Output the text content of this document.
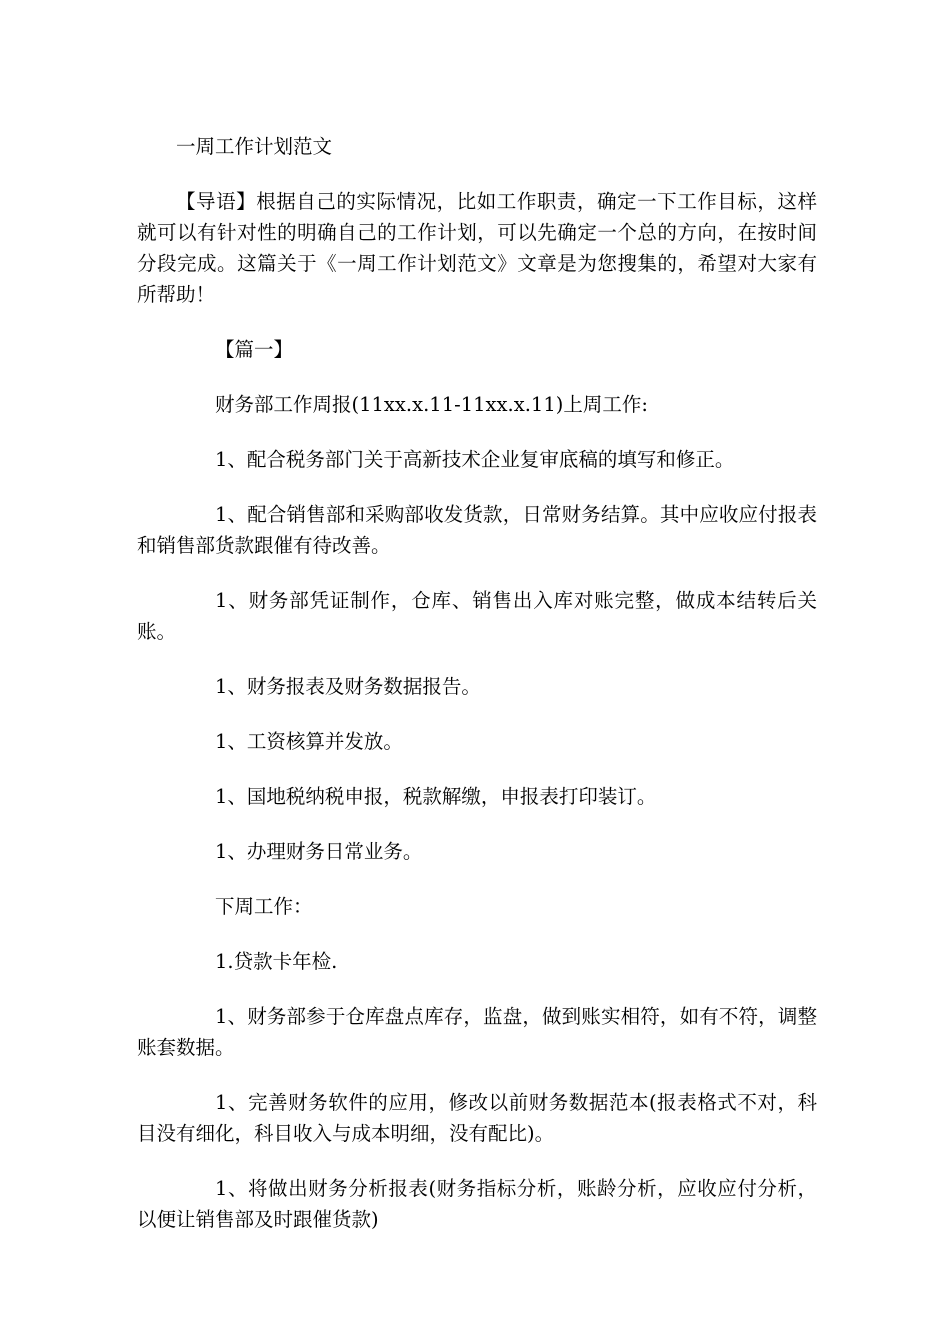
一周工作计划范文

【导语】根据自己的实际情况，比如工作职责，确定一下工作目标，这样就可以有针对性的明确自己的工作计划，可以先确定一个总的方向，在按时间分段完成。这篇关于《一周工作计划范文》文章是为您搜集的，希望对大家有所帮助！

【篇一】

财务部工作周报(11xx.x.11-11xx.x.11)上周工作:

1、配合税务部门关于高新技术企业复审底稿的填写和修正。

1、配合销售部和采购部收发货款，日常财务结算。其中应收应付报表和销售部货款跟催有待改善。

1、财务部凭证制作，仓库、销售出入库对账完整，做成本结转后关账。

1、财务报表及财务数据报告。

1、工资核算并发放。

1、国地税纳税申报，税款解缴，申报表打印装订。

1、办理财务日常业务。

下周工作：

1.贷款卡年检.

1、财务部参于仓库盘点库存，监盘，做到账实相符，如有不符，调整账套数据。

1、完善财务软件的应用，修改以前财务数据范本(报表格式不对，科目没有细化，科目收入与成本明细，没有配比)。

1、将做出财务分析报表(财务指标分析，账龄分析，应收应付分析，以便让销售部及时跟催货款)
